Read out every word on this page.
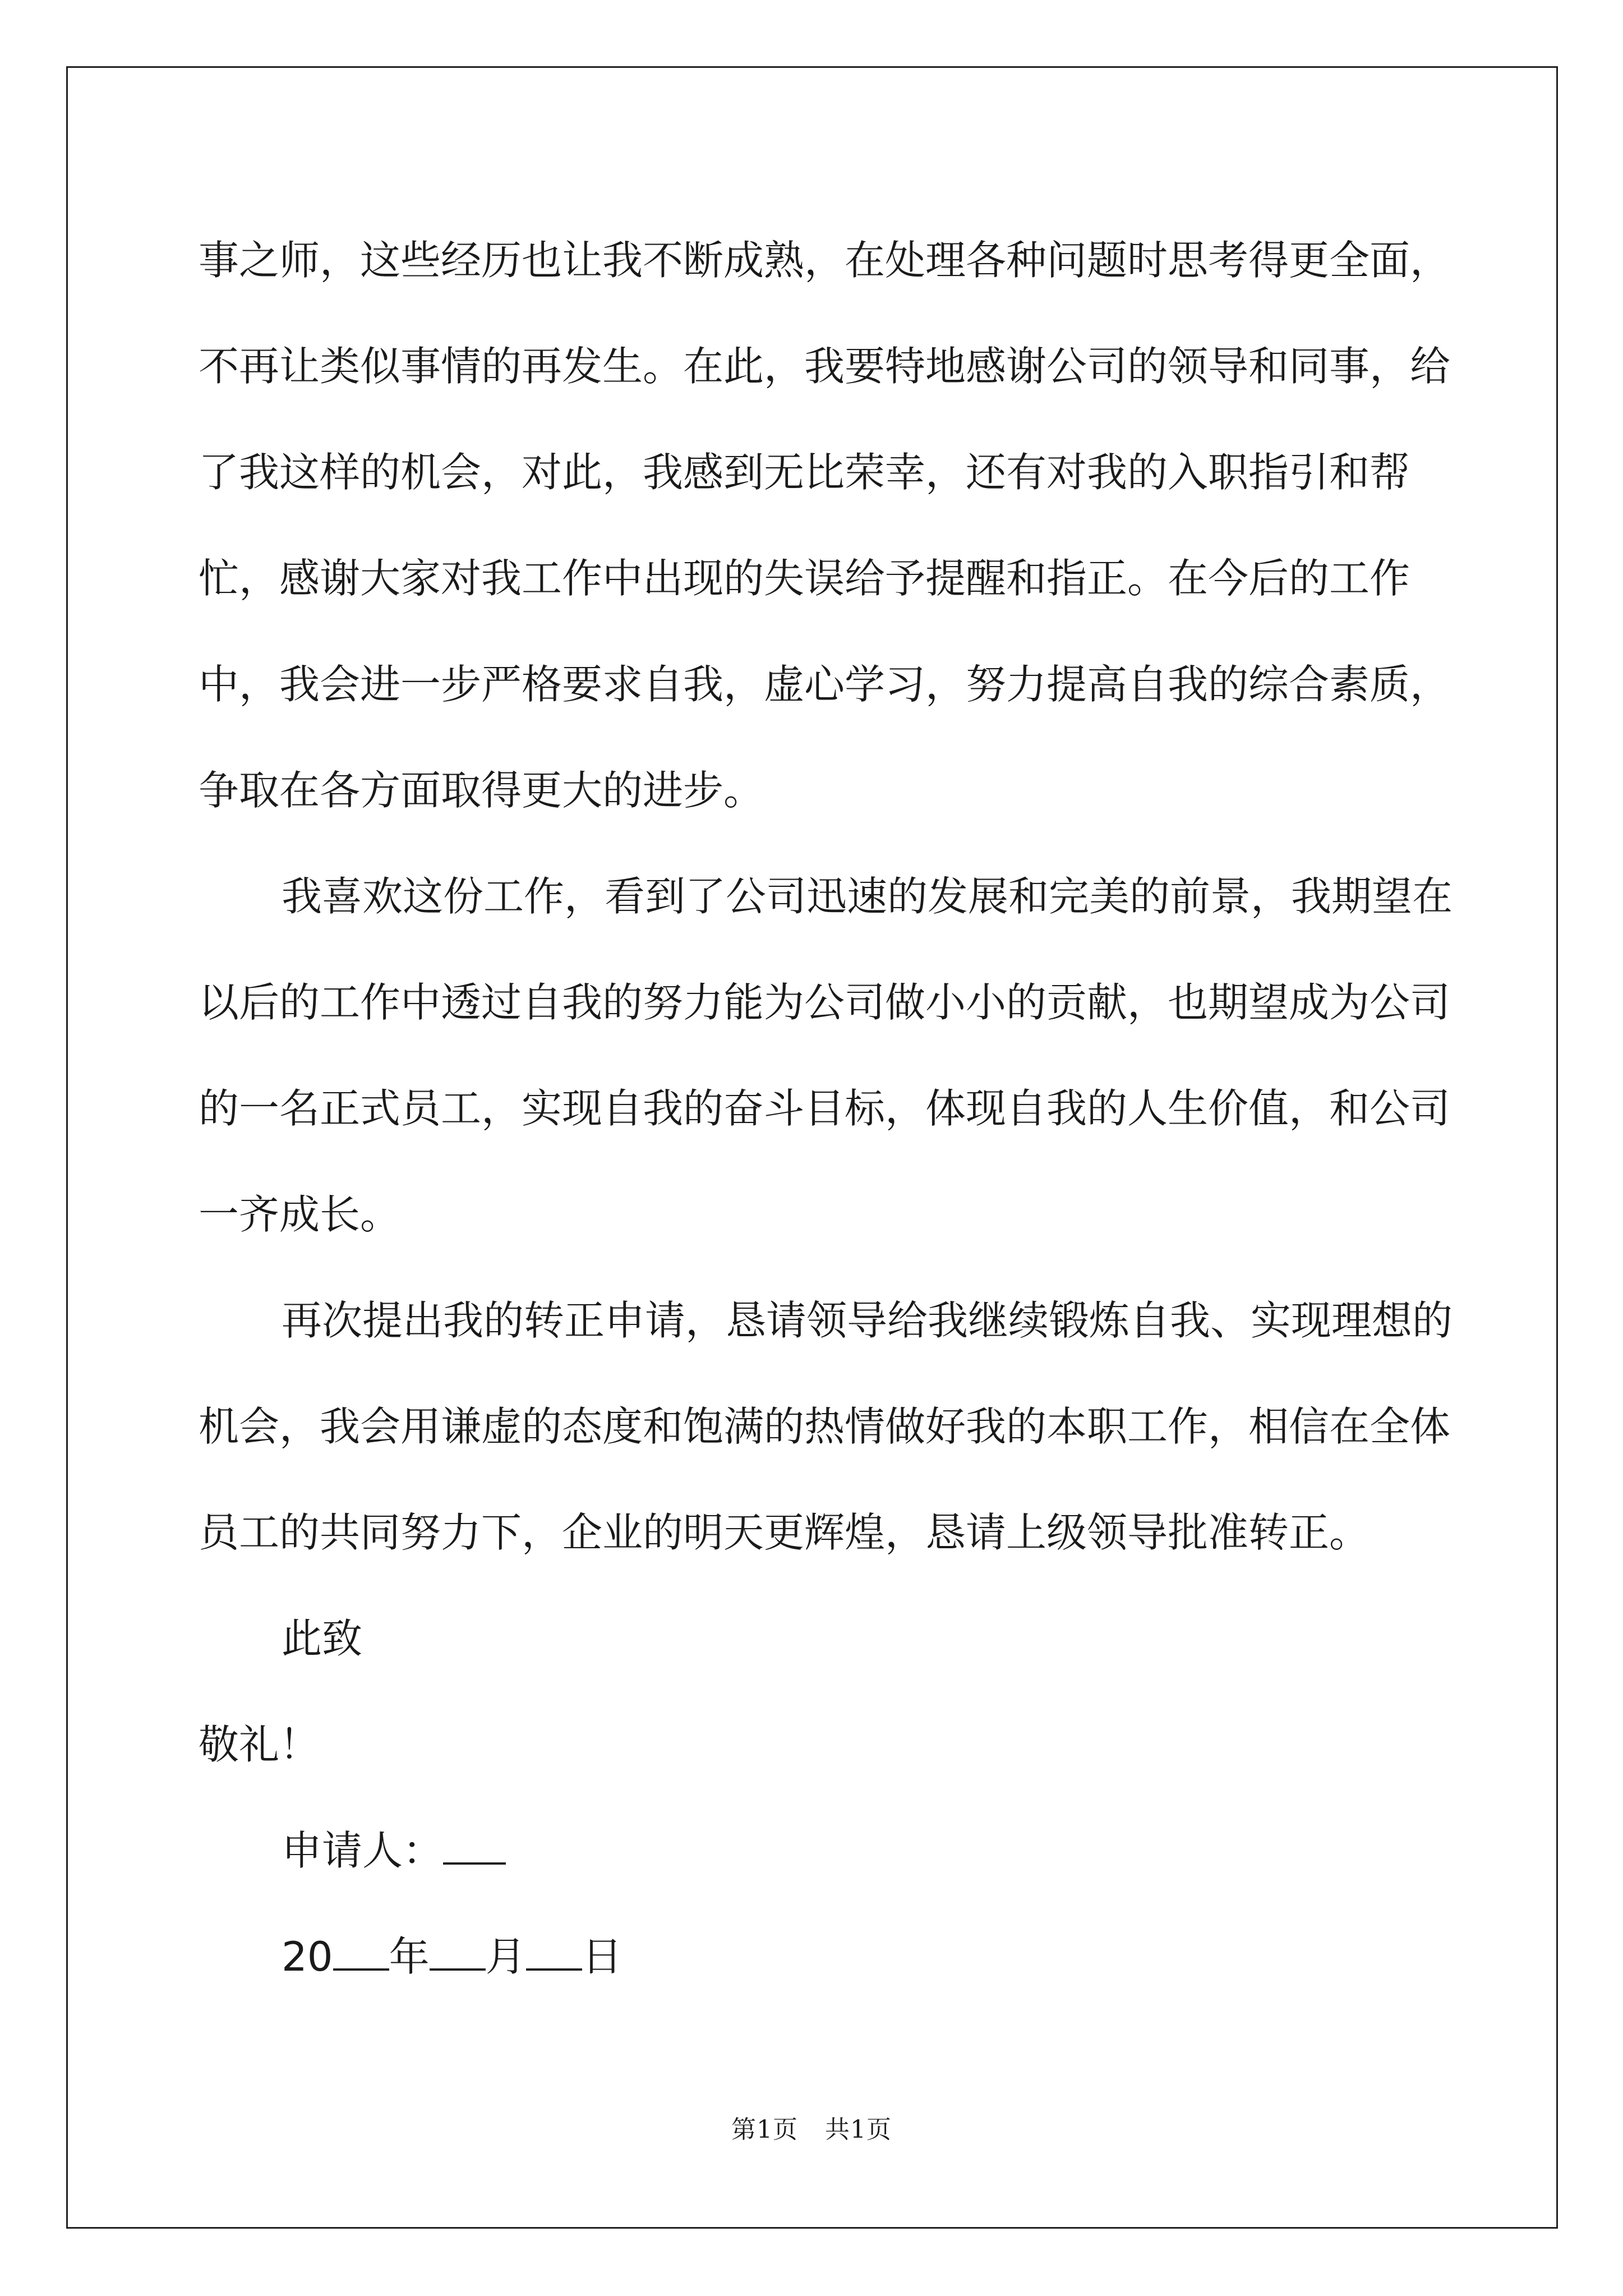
事之师，这些经历也让我不断成熟，在处理各种问题时思考得更全面，不再让类似事情的再发生。在此，我要特地感谢公司的领导和同事，给了我这样的机会，对此，我感到无比荣幸，还有对我的入职指引和帮忙，感谢大家对我工作中出现的失误给予提醒和指正。在今后的工作中，我会进一步严格要求自我，虚心学习，努力提高自我的综合素质，争取在各方面取得更大的进步。

我喜欢这份工作，看到了公司迅速的发展和完美的前景，我期望在以后的工作中透过自我的努力能为公司做小小的贡献，也期望成为公司的一名正式员工，实现自我的奋斗目标，体现自我的人生价值，和公司一齐成长。

再次提出我的转正申请，恳请领导给我继续锻炼自我、实现理想的机会，我会用谦虚的态度和饱满的热情做好我的本职工作，相信在全体员工的共同努力下，企业的明天更辉煌，恳请上级领导批准转正。

此致

敬礼！

申请人：

20 年 月 日

第1页 共1页
